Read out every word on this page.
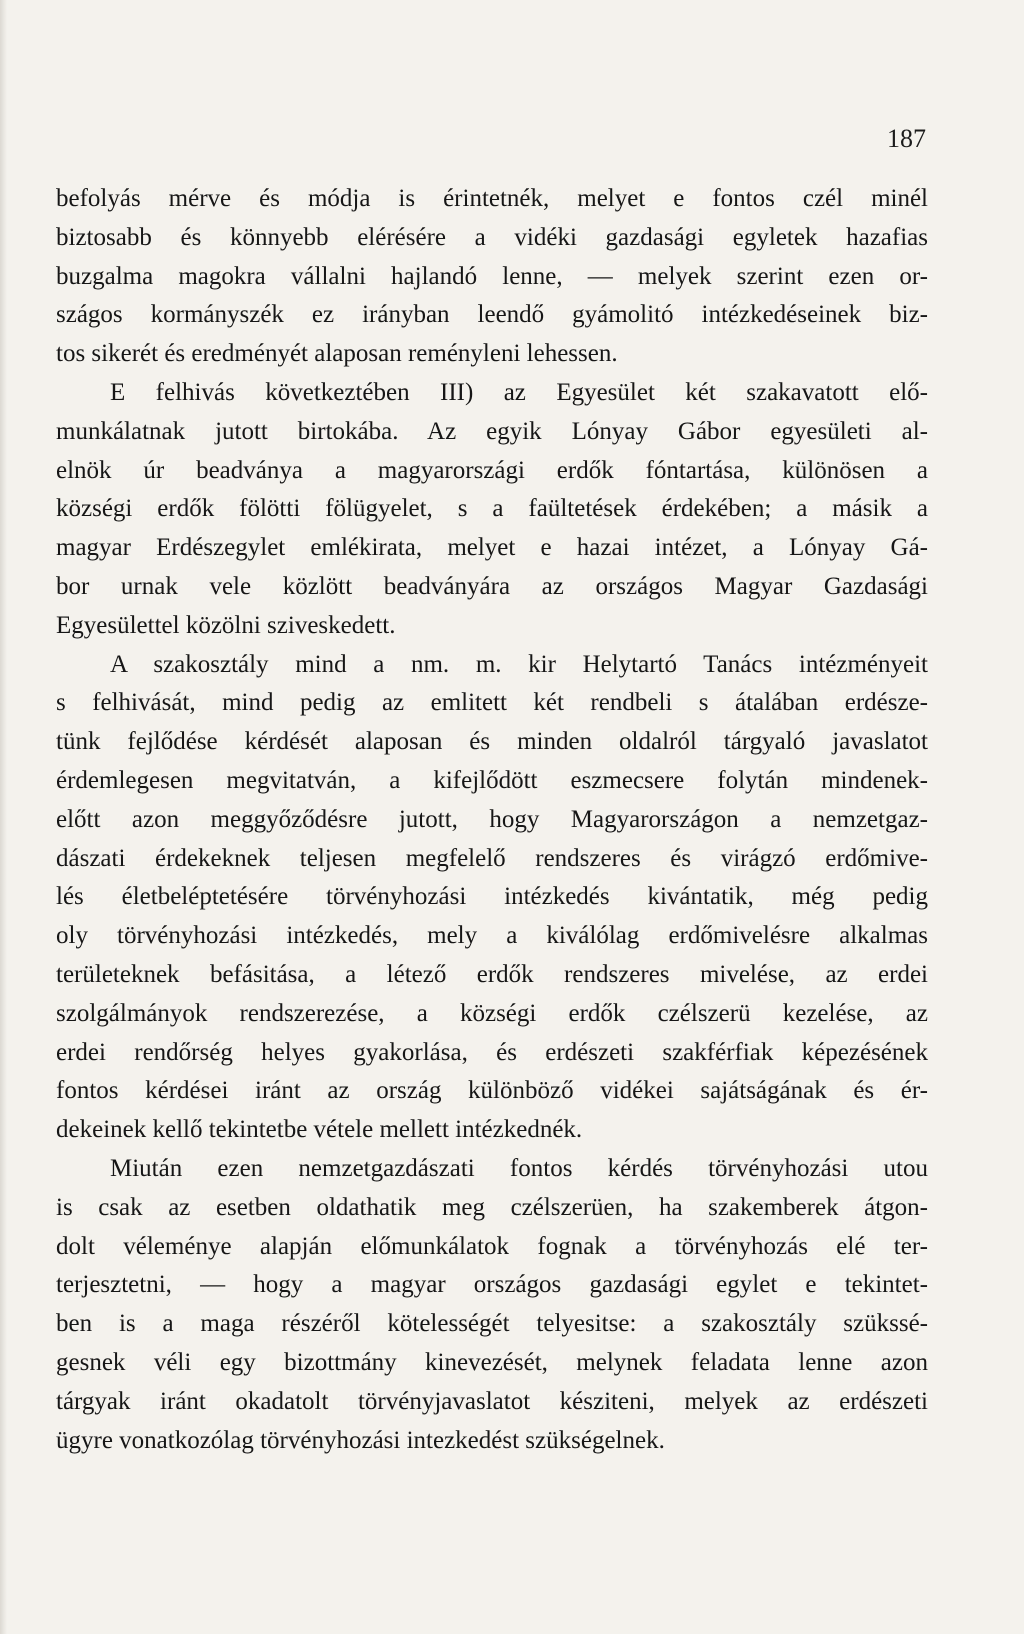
187
befolyás mérve és módja is érintetnék, melyet e fontos czél minél
biztosabb és könnyebb elérésére a vidéki gazdasági egyletek hazafias
buzgalma magokra vállalni hajlandó lenne, — melyek szerint ezen or-
szágos kormányszék ez irányban leendő gyámolitó intézkedéseinek biz-
tos sikerét és eredményét alaposan reményleni lehessen.
E felhivás következtében III) az Egyesület két szakavatott elő-
munkálatnak jutott birtokába. Az egyik Lónyay Gábor egyesületi al-
elnök úr beadványa a magyarországi erdők fóntartása, különösen a
községi erdők fölötti fölügyelet, s a faültetések érdekében; a másik a
magyar Erdészegylet emlékirata, melyet e hazai intézet, a Lónyay Gá-
bor urnak vele közlött beadványára az országos Magyar Gazdasági
Egyesülettel közölni sziveskedett.
A szakosztály mind a nm. m. kir Helytartó Tanács intézményeit
s felhivását, mind pedig az emlitett két rendbeli s átalában erdésze-
tünk fejlődése kérdését alaposan és minden oldalról tárgyaló javaslatot
érdemlegesen megvitatván, a kifejlődött eszmecsere folytán mindenek-
előtt azon meggyőződésre jutott, hogy Magyarországon a nemzetgaz-
dászati érdekeknek teljesen megfelelő rendszeres és virágzó erdőmive-
lés életbeléptetésére törvényhozási intézkedés kivántatik, még pedig
oly törvényhozási intézkedés, mely a kiválólag erdőmivelésre alkalmas
területeknek befásitása, a létező erdők rendszeres mivelése, az erdei
szolgálmányok rendszerezése, a községi erdők czélszerü kezelése, az
erdei rendőrség helyes gyakorlása, és erdészeti szakférfiak képezésének
fontos kérdései iránt az ország különböző vidékei sajátságának és ér-
dekeinek kellő tekintetbe vétele mellett intézkednék.
Miután ezen nemzetgazdászati fontos kérdés törvényhozási utou
is csak az esetben oldathatik meg czélszerüen, ha szakemberek átgon-
dolt véleménye alapján előmunkálatok fognak a törvényhozás elé ter-
terjesztetni, — hogy a magyar országos gazdasági egylet e tekintet-
ben is a maga részéről kötelességét telyesitse: a szakosztály szükssé-
gesnek véli egy bizottmány kinevezését, melynek feladata lenne azon
tárgyak iránt okadatolt törvényjavaslatot késziteni, melyek az erdészeti
ügyre vonatkozólag törvényhozási intezkedést szükségelnek.
